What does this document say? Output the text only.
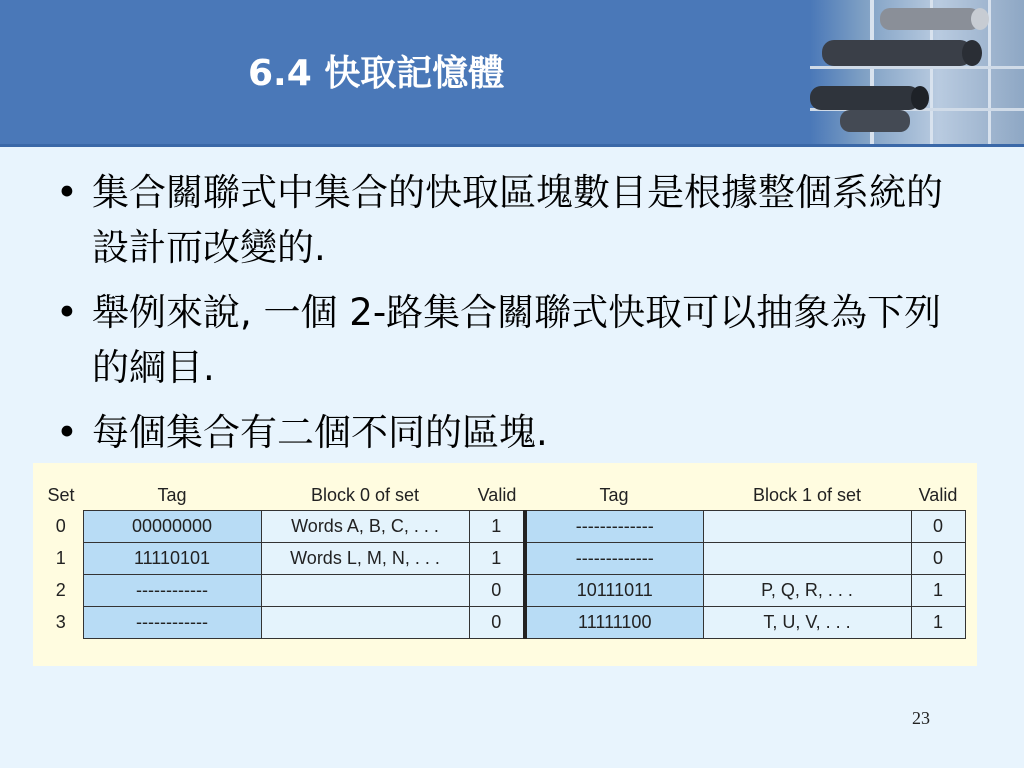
6.4 快取記憶體
• 集合關聯式中集合的快取區塊數目是根據整個系統的設計而改變的.
• 舉例來說, 一個 2-路集合關聯式快取可以抽象為下列的綱目.
• 每個集合有二個不同的區塊.
Set	Tag	Block 0 of set	Valid	Tag	Block 1 of set	Valid
0	00000000	Words A, B, C, . . .	1	-------------		0
1	11110101	Words L, M, N, . . .	1	-------------		0
2	------------		0	10111011	P, Q, R, . . .	1
3	------------		0	11111100	T, U, V, . . .	1
23
